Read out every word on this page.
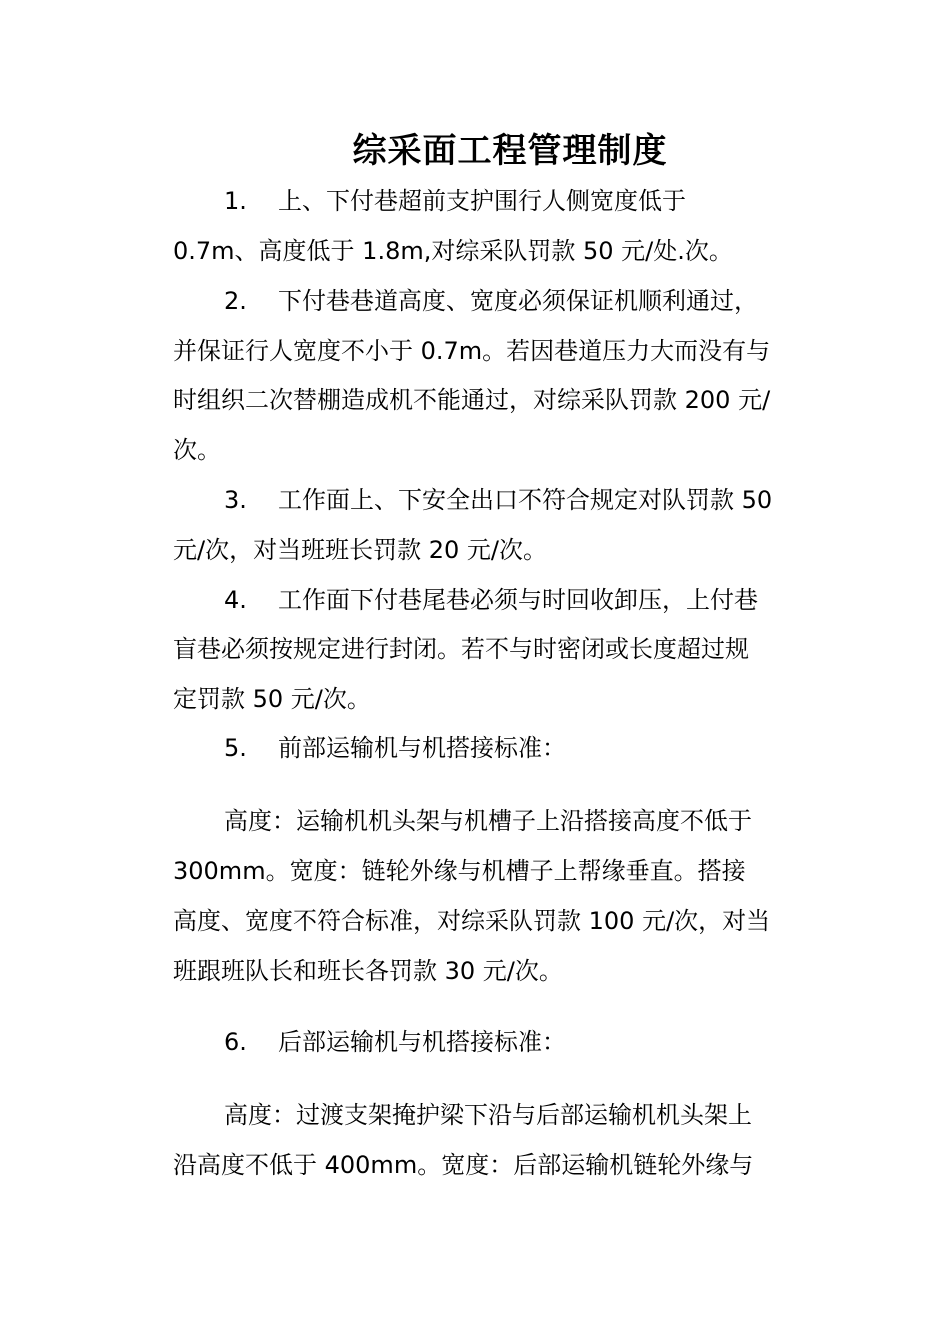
综采面工程管理制度
1. 上、下付巷超前支护围行人侧宽度低于
0.7m、高度低于 1.8m,对综采队罚款 50 元/处.次。
2. 下付巷巷道高度、宽度必须保证机顺利通过，
并保证行人宽度不小于 0.7m。若因巷道压力大而没有与
时组织二次替棚造成机不能通过，对综采队罚款 200 元/
次。
3. 工作面上、下安全出口不符合规定对队罚款 50
元/次，对当班班长罚款 20 元/次。
4. 工作面下付巷尾巷必须与时回收卸压，上付巷
盲巷必须按规定进行封闭。若不与时密闭或长度超过规
定罚款 50 元/次。
5. 前部运输机与机搭接标准：
高度：运输机机头架与机槽子上沿搭接高度不低于
300mm。宽度：链轮外缘与机槽子上帮缘垂直。搭接
高度、宽度不符合标准，对综采队罚款 100 元/次，对当
班跟班队长和班长各罚款 30 元/次。
6. 后部运输机与机搭接标准：
高度：过渡支架掩护梁下沿与后部运输机机头架上
沿高度不低于 400mm。宽度：后部运输机链轮外缘与
